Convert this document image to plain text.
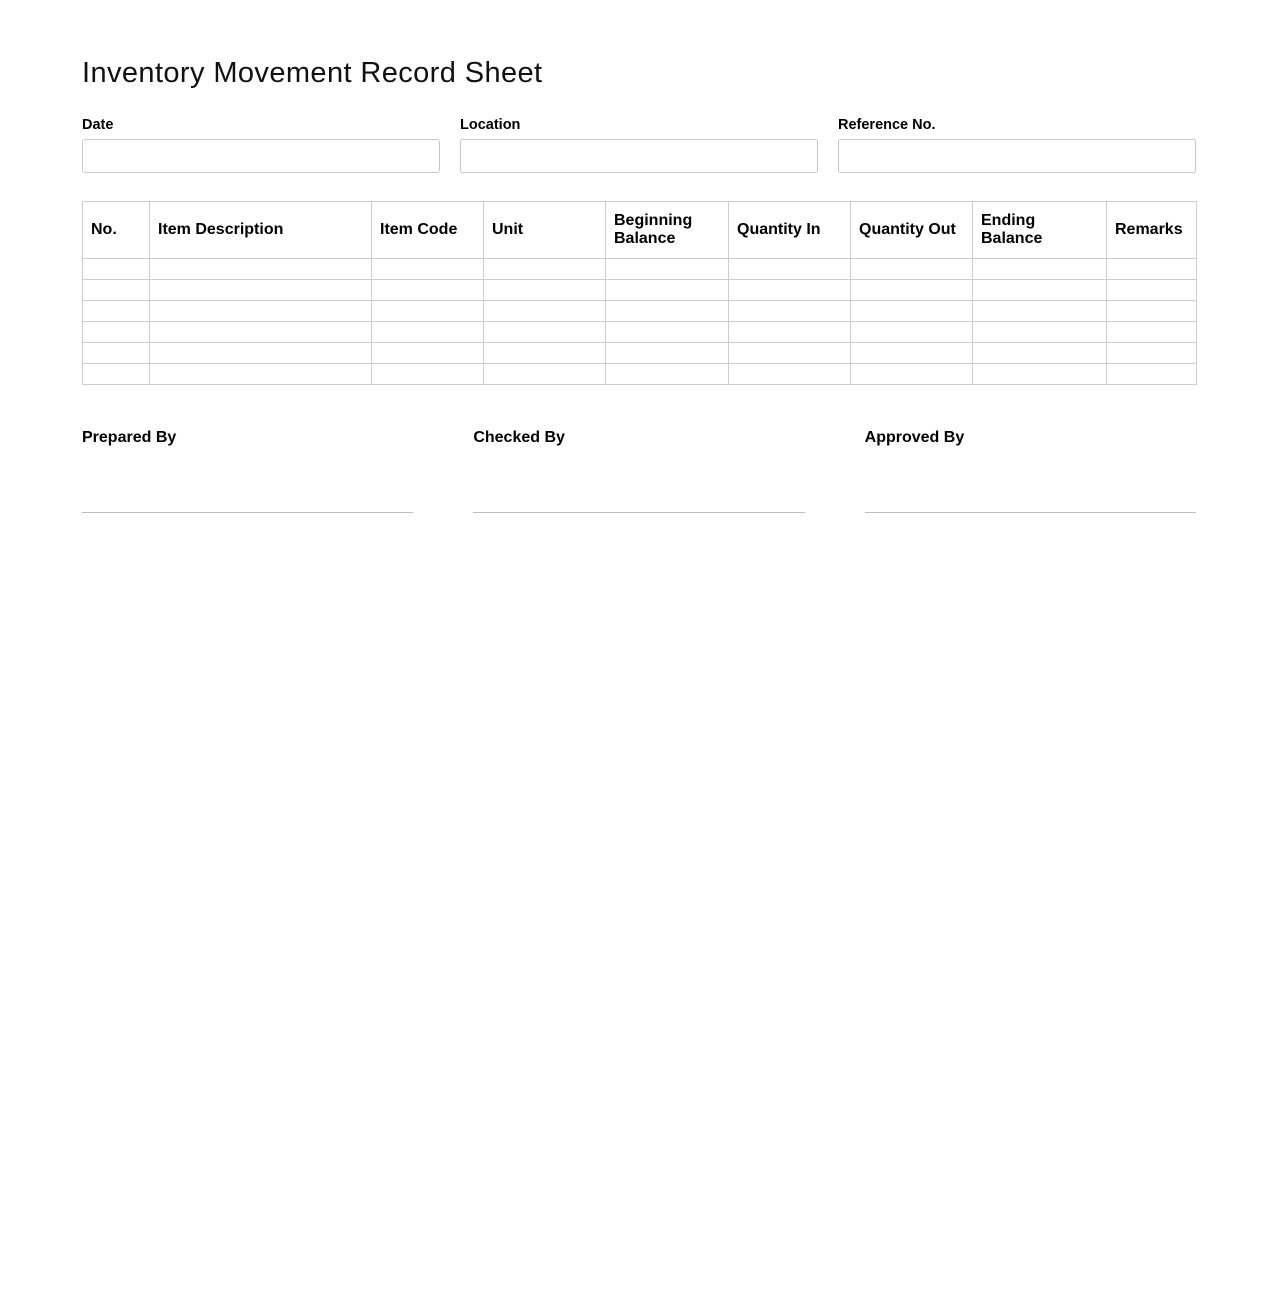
Inventory Movement Record Sheet
Date	Location	Reference No.
No.	Item Description	Item Code	Unit	Beginning Balance	Quantity In	Quantity Out	Ending Balance	Remarks

Prepared By	Checked By	Approved By
